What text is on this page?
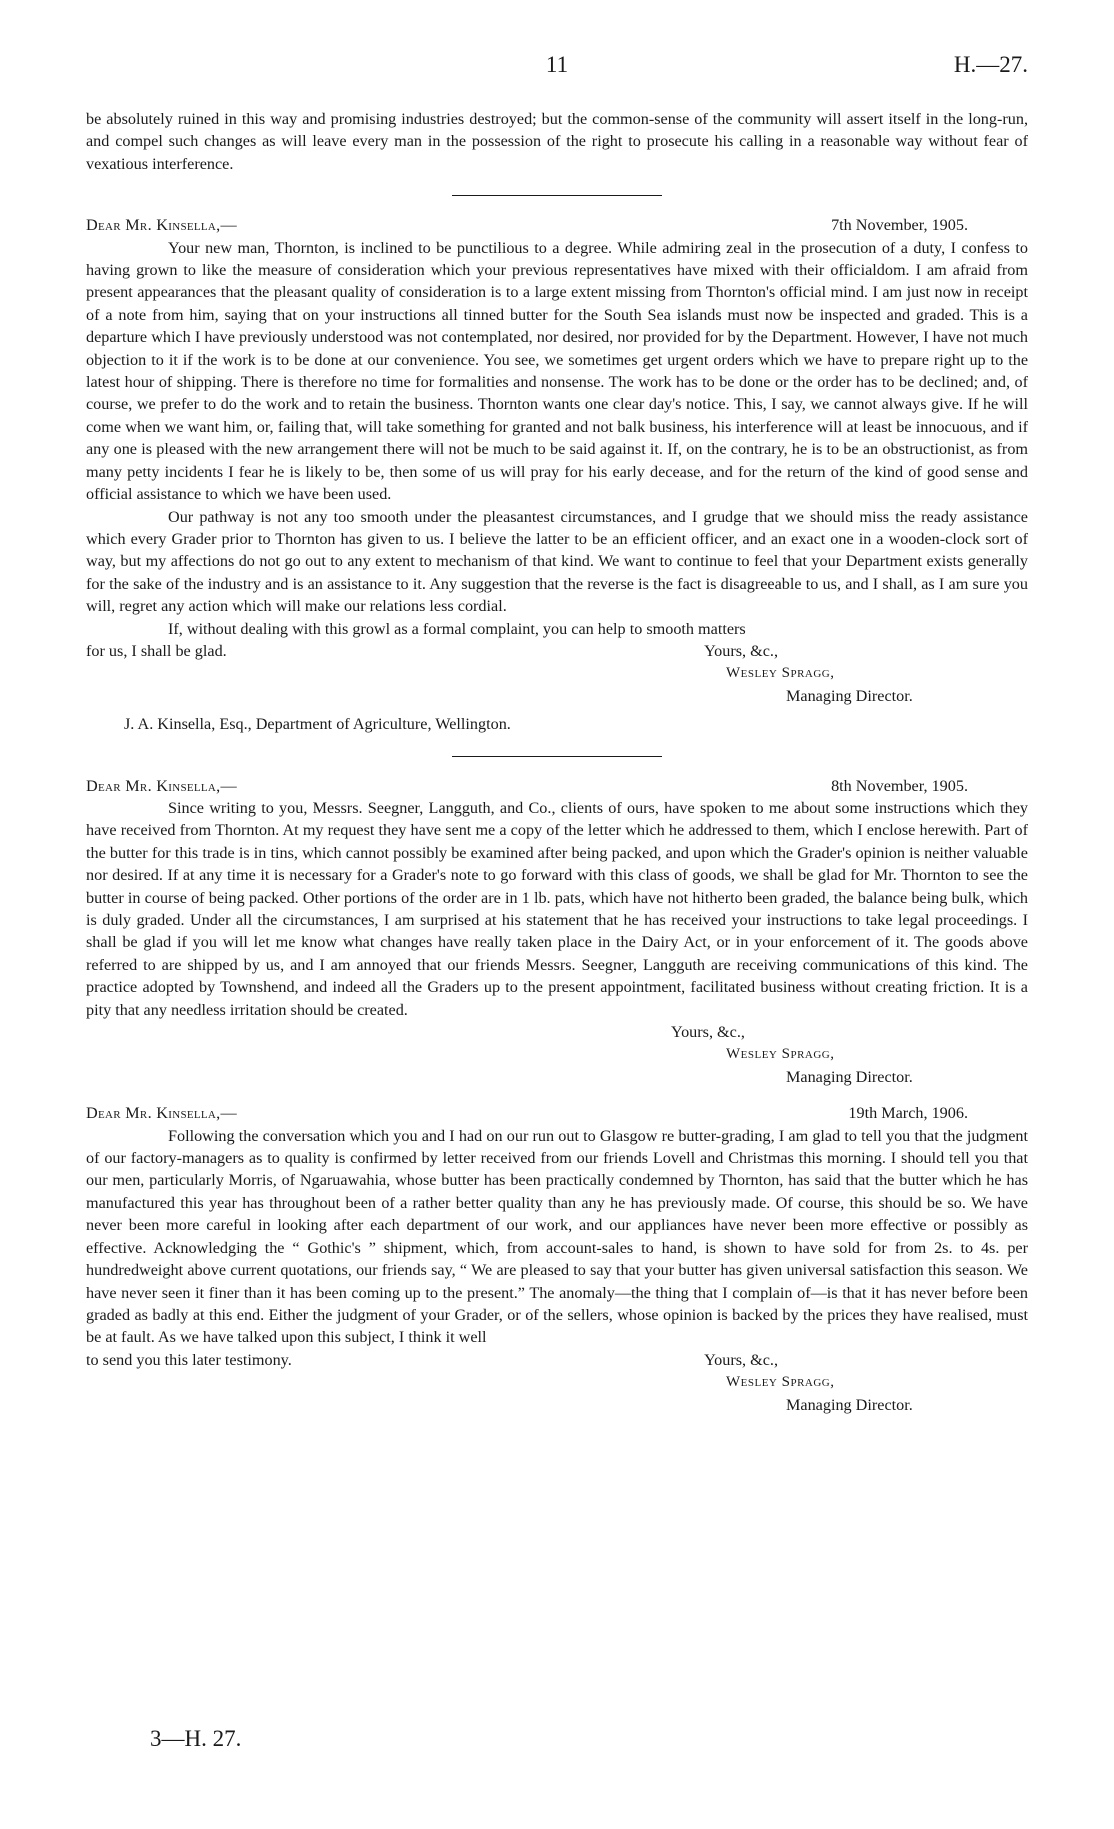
11	H.—27.

be absolutely ruined in this way and promising industries destroyed; but the common-sense of the community will assert itself in the long-run, and compel such changes as will leave every man in the possession of the right to prosecute his calling in a reasonable way without fear of vexatious interference.

Dear Mr. Kinsella,—	7th November, 1905.

Your new man, Thornton, is inclined to be punctilious to a degree. While admiring zeal in the prosecution of a duty, I confess to having grown to like the measure of consideration which your previous representatives have mixed with their officialdom. I am afraid from present appearances that the pleasant quality of consideration is to a large extent missing from Thornton's official mind. I am just now in receipt of a note from him, saying that on your instructions all tinned butter for the South Sea islands must now be inspected and graded. This is a departure which I have previously understood was not contemplated, nor desired, nor provided for by the Department. However, I have not much objection to it if the work is to be done at our convenience. You see, we sometimes get urgent orders which we have to prepare right up to the latest hour of shipping. There is therefore no time for formalities and nonsense. The work has to be done or the order has to be declined; and, of course, we prefer to do the work and to retain the business. Thornton wants one clear day's notice. This, I say, we cannot always give. If he will come when we want him, or, failing that, will take something for granted and not balk business, his interference will at least be innocuous, and if any one is pleased with the new arrangement there will not be much to be said against it. If, on the contrary, he is to be an obstructionist, as from many petty incidents I fear he is likely to be, then some of us will pray for his early decease, and for the return of the kind of good sense and official assistance to which we have been used.

Our pathway is not any too smooth under the pleasantest circumstances, and I grudge that we should miss the ready assistance which every Grader prior to Thornton has given to us. I believe the latter to be an efficient officer, and an exact one in a wooden-clock sort of way, but my affections do not go out to any extent to mechanism of that kind. We want to continue to feel that your Department exists generally for the sake of the industry and is an assistance to it. Any suggestion that the reverse is the fact is disagreeable to us, and I shall, as I am sure you will, regret any action which will make our relations less cordial.

If, without dealing with this growl as a formal complaint, you can help to smooth matters

for us, I shall be glad.	Yours, &c.,
Wesley Spragg,
Managing Director.
J. A. Kinsella, Esq., Department of Agriculture, Wellington.
Dear Mr. Kinsella,—	8th November, 1905.

Since writing to you, Messrs. Seegner, Langguth, and Co., clients of ours, have spoken to me about some instructions which they have received from Thornton. At my request they have sent me a copy of the letter which he addressed to them, which I enclose herewith. Part of the butter for this trade is in tins, which cannot possibly be examined after being packed, and upon which the Grader's opinion is neither valuable nor desired. If at any time it is necessary for a Grader's note to go forward with this class of goods, we shall be glad for Mr. Thornton to see the butter in course of being packed. Other portions of the order are in 1 lb. pats, which have not hitherto been graded, the balance being bulk, which is duly graded. Under all the circumstances, I am surprised at his statement that he has received your instructions to take legal proceedings. I shall be glad if you will let me know what changes have really taken place in the Dairy Act, or in your enforcement of it. The goods above referred to are shipped by us, and I am annoyed that our friends Messrs. Seegner, Langguth are receiving communications of this kind. The practice adopted by Townshend, and indeed all the Graders up to the present appointment, facilitated business without creating friction. It is a pity that any needless irritation should be created.

Yours, &c.,
Wesley Spragg,
Managing Director.
Dear Mr. Kinsella,—	19th March, 1906.

Following the conversation which you and I had on our run out to Glasgow re butter-grading, I am glad to tell you that the judgment of our factory-managers as to quality is confirmed by letter received from our friends Lovell and Christmas this morning. I should tell you that our men, particularly Morris, of Ngaruawahia, whose butter has been practically condemned by Thornton, has said that the butter which he has manufactured this year has throughout been of a rather better quality than any he has previously made. Of course, this should be so. We have never been more careful in looking after each department of our work, and our appliances have never been more effective or possibly as effective. Acknowledging the “ Gothic's ” shipment, which, from account-sales to hand, is shown to have sold for from 2s. to 4s. per hundredweight above current quotations, our friends say, “ We are pleased to say that your butter has given universal satisfaction this season. We have never seen it finer than it has been coming up to the present.” The anomaly—the thing that I complain of—is that it has never before been graded as badly at this end. Either the judgment of your Grader, or of the sellers, whose opinion is backed by the prices they have realised, must be at fault. As we have talked upon this subject, I think it well

to send you this later testimony.	Yours, &c.,
Wesley Spragg,
Managing Director.
3—H. 27.
